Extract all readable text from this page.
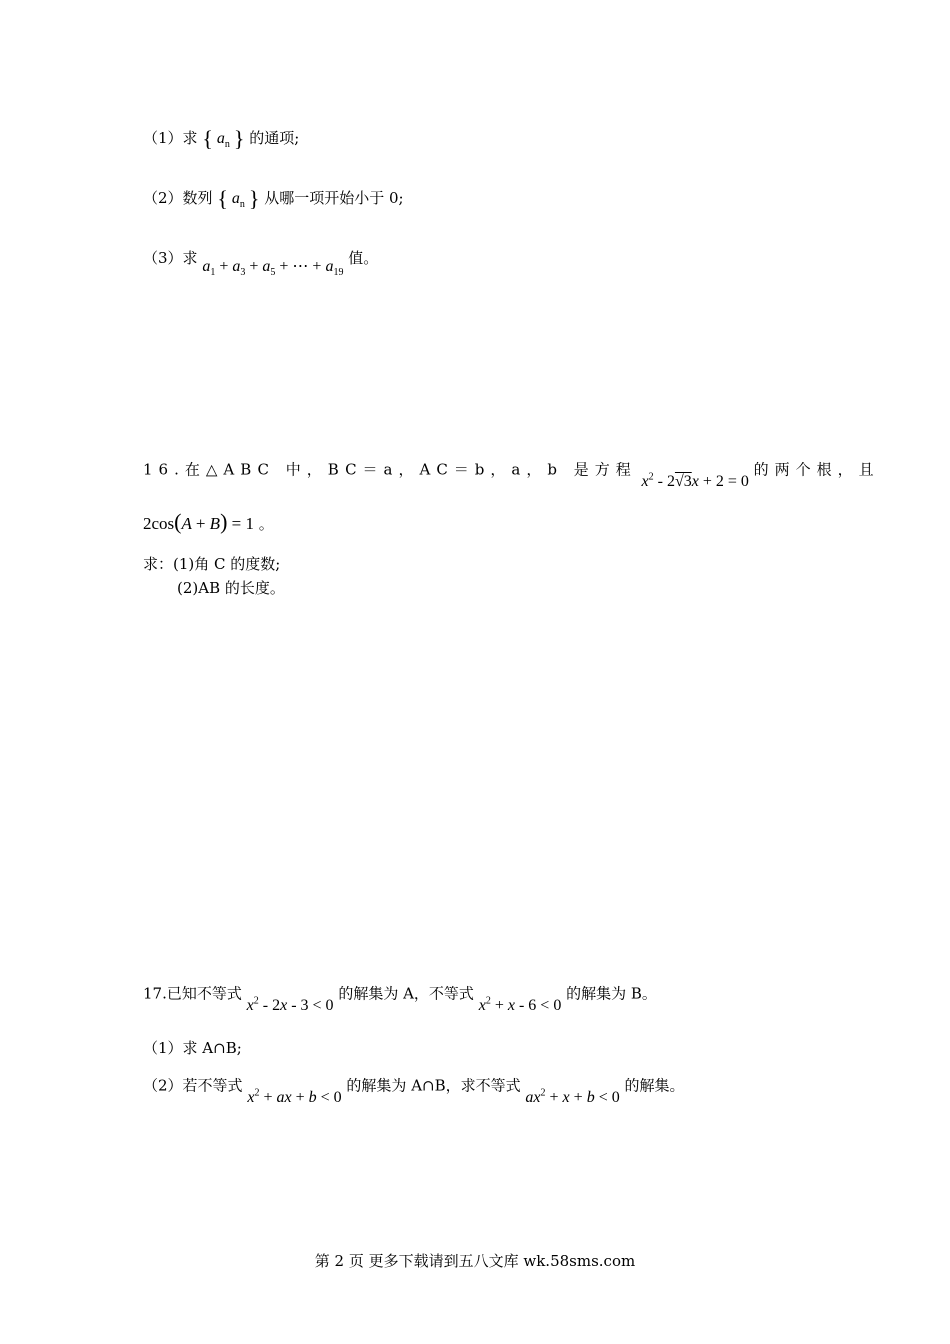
（1）求 { $a_n$ } 的通项;
（2）数列 { $a_n$ } 从哪一项开始小于 0;
（3）求 $a_1 + a_3 + a_5$ + ⋯ + $a_{19}$ 值。
16.在△ABC 中，BC＝a，AC＝b，a，b 是方程 $x^2 - 2√3x + 2 = 0$ 的两个根，且
2cos(A + B) = 1 。
求：(1)角 C 的度数;
(2)AB 的长度。
17.已知不等式 $x^2 - 2x - 3 < 0$ 的解集为 A，不等式 $x^2 + x - 6 < 0$ 的解集为 B。
（1）求 A∩B;
（2）若不等式 $x^2$ + ax + b < 0 的解集为 A∩B，求不等式 $ax^2 + x + b < 0$ 的解集。
第 2 页 更多下载请到五八文库 wk.58sms.com
